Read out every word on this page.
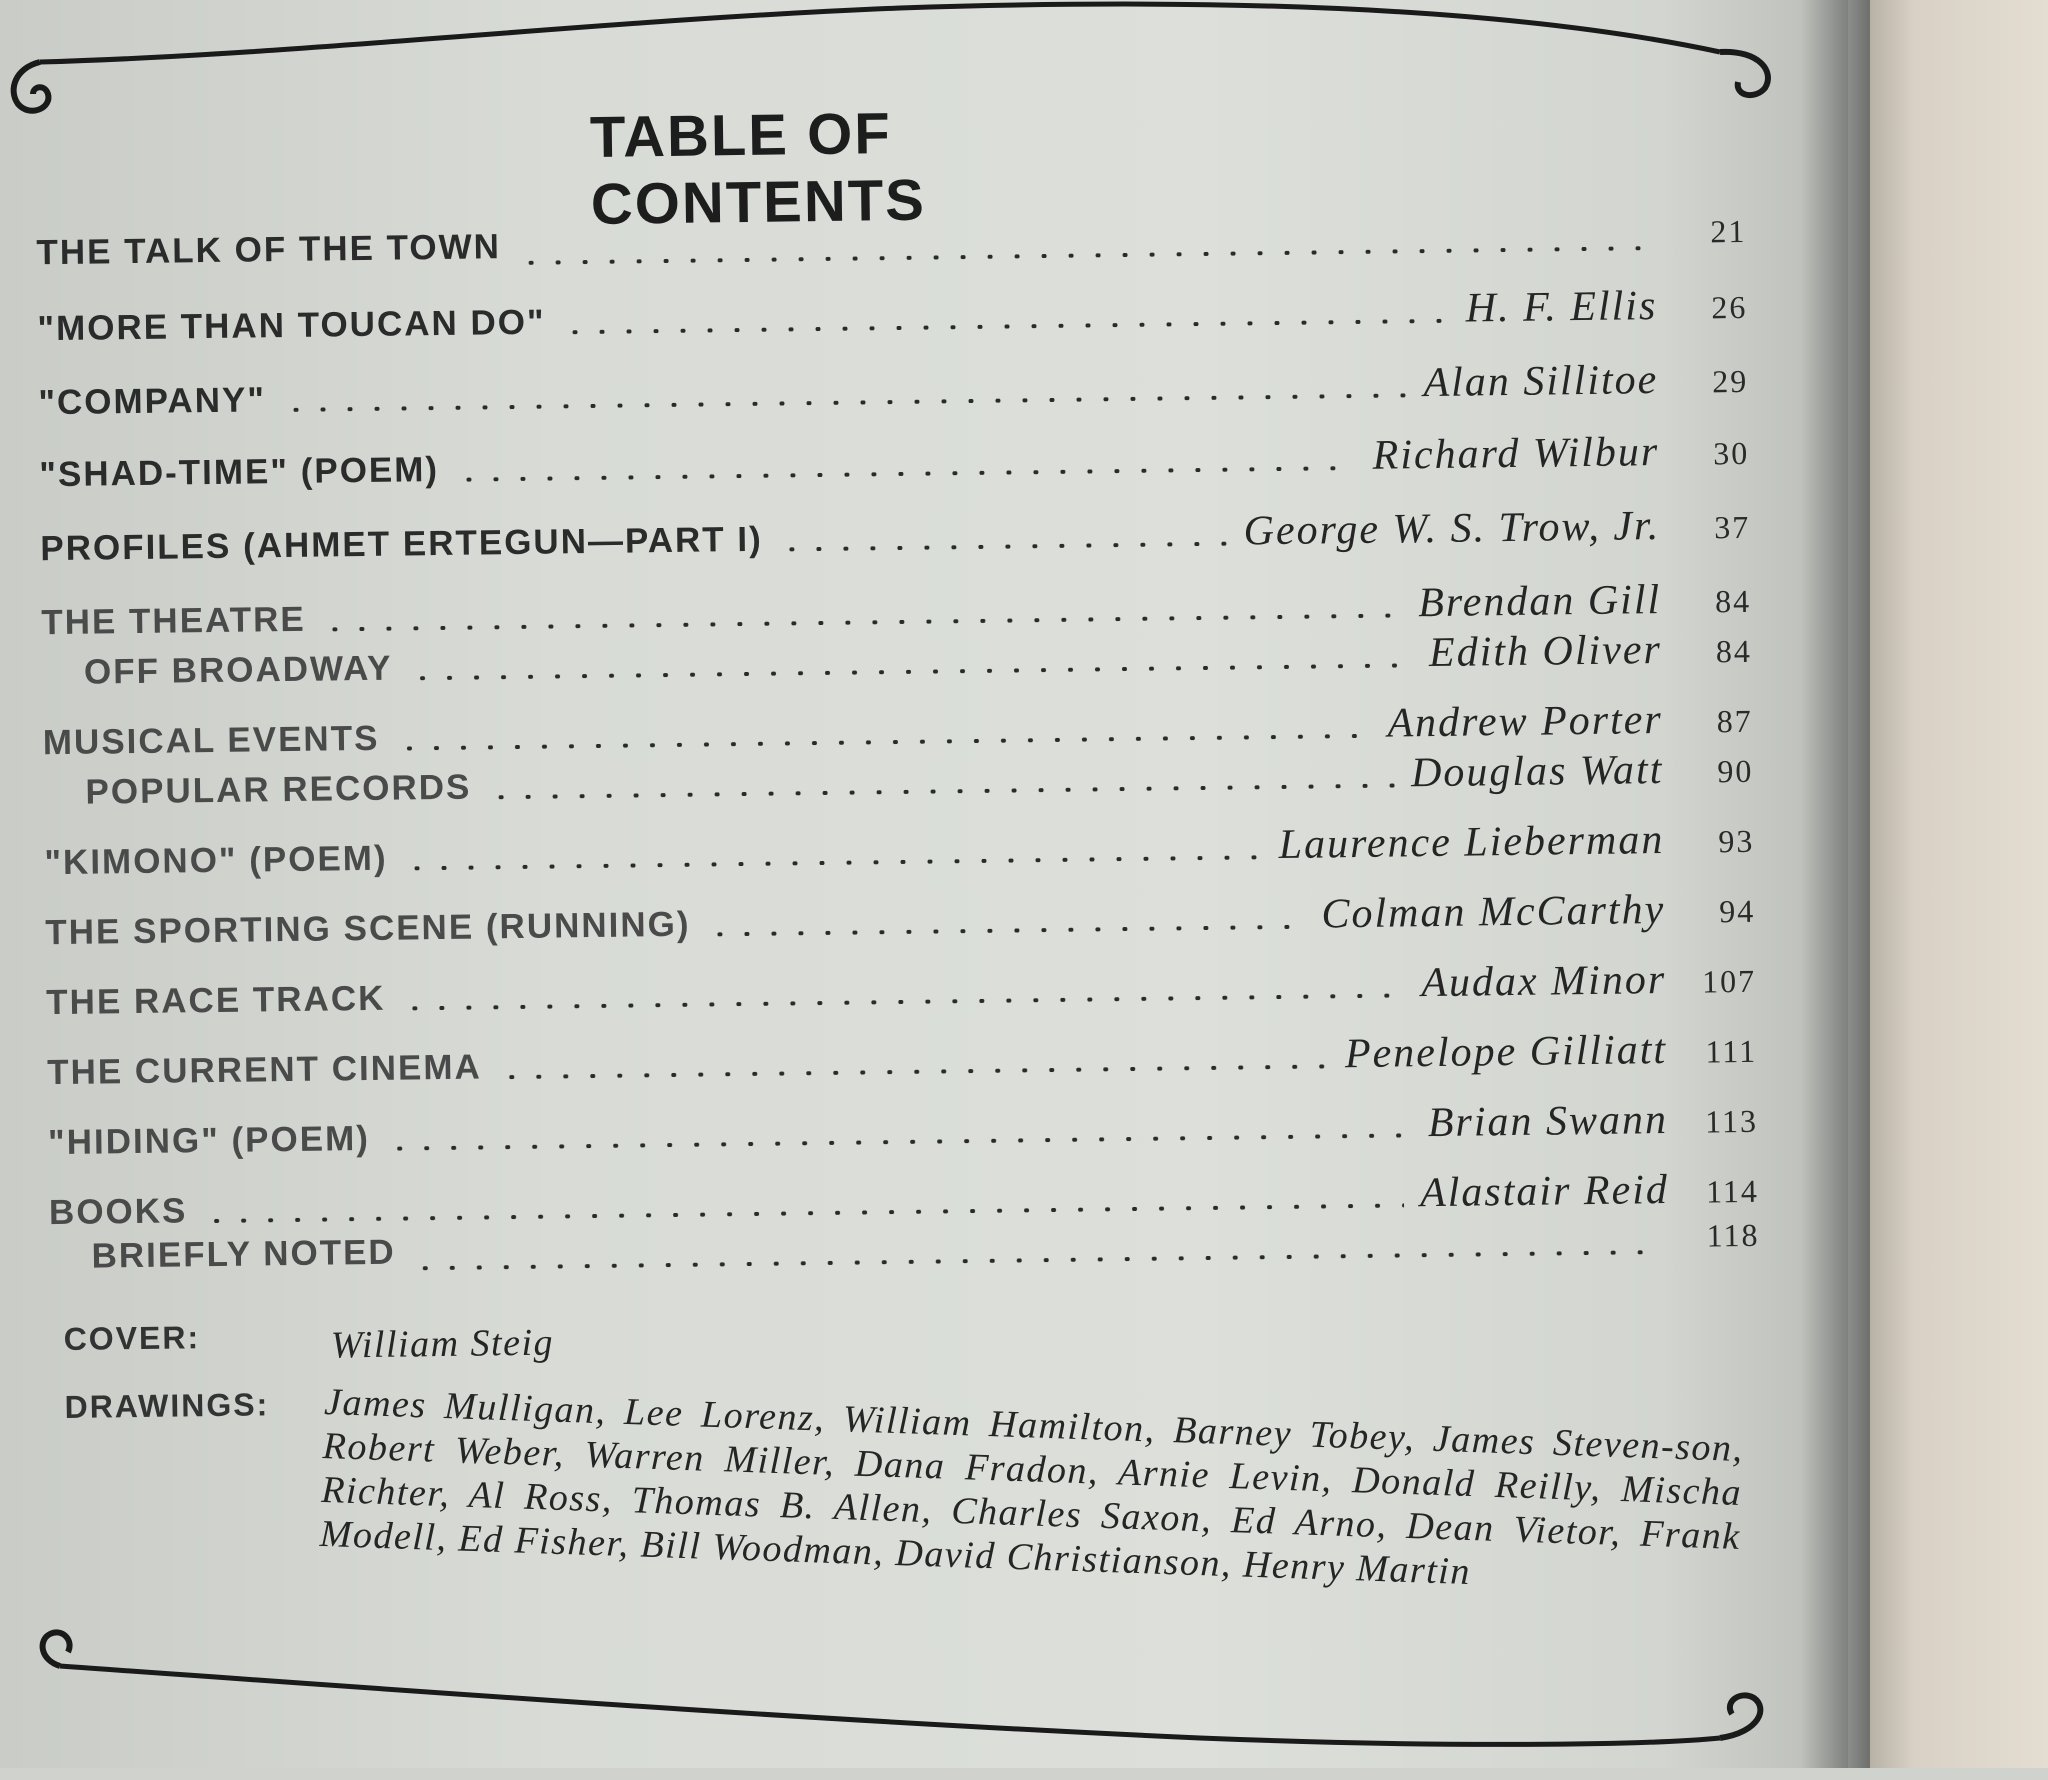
TABLE OF CONTENTS
THE TALK OF THE TOWN	21
"MORE THAN TOUCAN DO"	H. F. Ellis	26
"COMPANY"	Alan Sillitoe	29
"SHAD-TIME" (POEM)	Richard Wilbur	30
PROFILES (AHMET ERTEGUN—PART I)	George W. S. Trow, Jr.	37
THE THEATRE	Brendan Gill	84
OFF BROADWAY	Edith Oliver	84
MUSICAL EVENTS	Andrew Porter	87
POPULAR RECORDS	Douglas Watt	90
"KIMONO" (POEM)	Laurence Lieberman	93
THE SPORTING SCENE (RUNNING)	Colman McCarthy	94
THE RACE TRACK	Audax Minor	107
THE CURRENT CINEMA	Penelope Gilliatt	111
"HIDING" (POEM)	Brian Swann	113
BOOKS	Alastair Reid	114
BRIEFLY NOTED	118
COVER:	William Steig
DRAWINGS: James Mulligan, Lee Lorenz, William Hamilton, Barney Tobey, James Steven-son, Robert Weber, Warren Miller, Dana Fradon, Arnie Levin, Donald Reilly, Mischa Richter, Al Ross, Thomas B. Allen, Charles Saxon, Ed Arno, Dean Vietor, Frank Modell, Ed Fisher, Bill Woodman, David Christianson, Henry Martin
